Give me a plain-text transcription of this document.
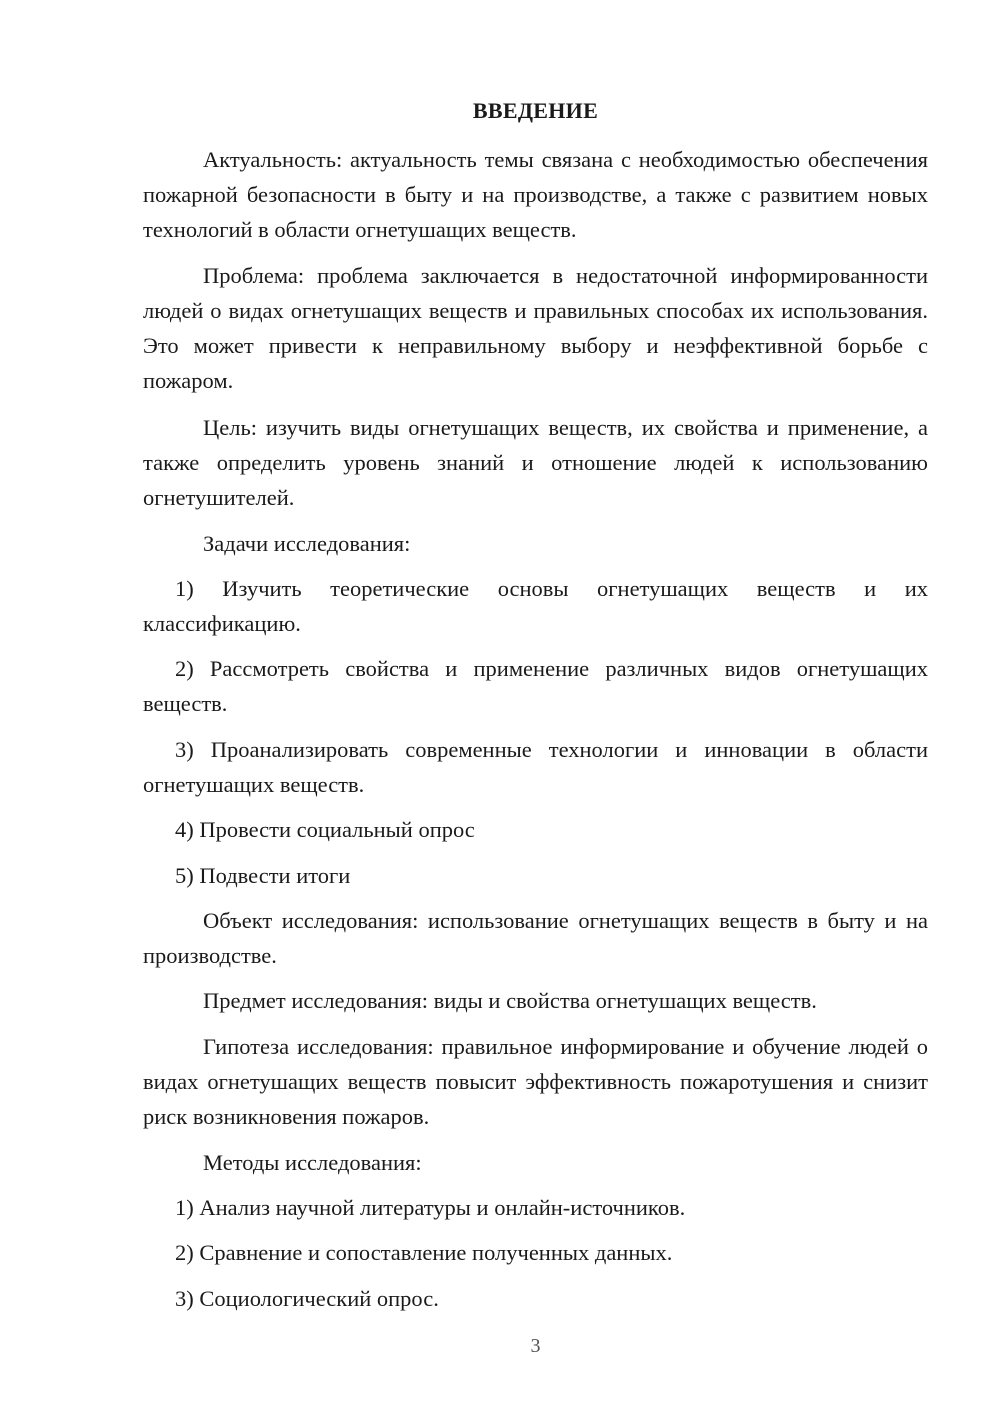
ВВЕДЕНИЕ

Актуальность: актуальность темы связана с необходимостью обеспечения пожарной безопасности в быту и на производстве, а также с развитием новых технологий в области огнетушащих веществ.

Проблема: проблема заключается в недостаточной информированности людей о видах огнетушащих веществ и правильных способах их использования. Это может привести к неправильному выбору и неэффективной борьбе с пожаром.

Цель: изучить виды огнетушащих веществ, их свойства и применение, а также определить уровень знаний и отношение людей к использованию огнетушителей.

Задачи исследования:

1) Изучить теоретические основы огнетушащих веществ и их классификацию.

2) Рассмотреть свойства и применение различных видов огнетушащих веществ.

3) Проанализировать современные технологии и инновации в области огнетушащих веществ.

4) Провести социальный опрос

5) Подвести итоги

Объект исследования: использование огнетушащих веществ в быту и на производстве.

Предмет исследования: виды и свойства огнетушащих веществ.

Гипотеза исследования: правильное информирование и обучение людей о видах огнетушащих веществ повысит эффективность пожаротушения и снизит риск возникновения пожаров.

Методы исследования:

1) Анализ научной литературы и онлайн-источников.

2) Сравнение и сопоставление полученных данных.

3) Социологический опрос.

3
